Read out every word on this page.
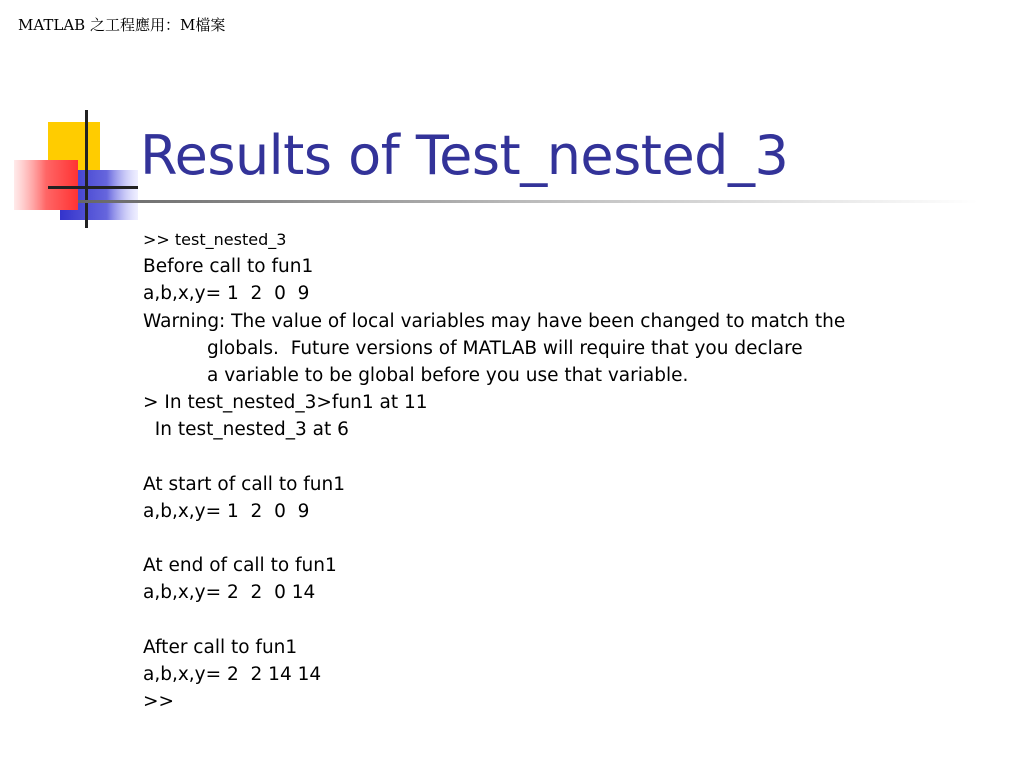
MATLAB 之工程應用：M檔案
Results of Test_nested_3
>> test_nested_3
Before call to fun1
a,b,x,y= 1  2  0  9
Warning: The value of local variables may have been changed to match the
globals.  Future versions of MATLAB will require that you declare
a variable to be global before you use that variable.
> In test_nested_3>fun1 at 11
In test_nested_3 at 6
At start of call to fun1
a,b,x,y= 1  2  0  9
At end of call to fun1
a,b,x,y= 2  2  0 14
After call to fun1
a,b,x,y= 2  2 14 14
>>
